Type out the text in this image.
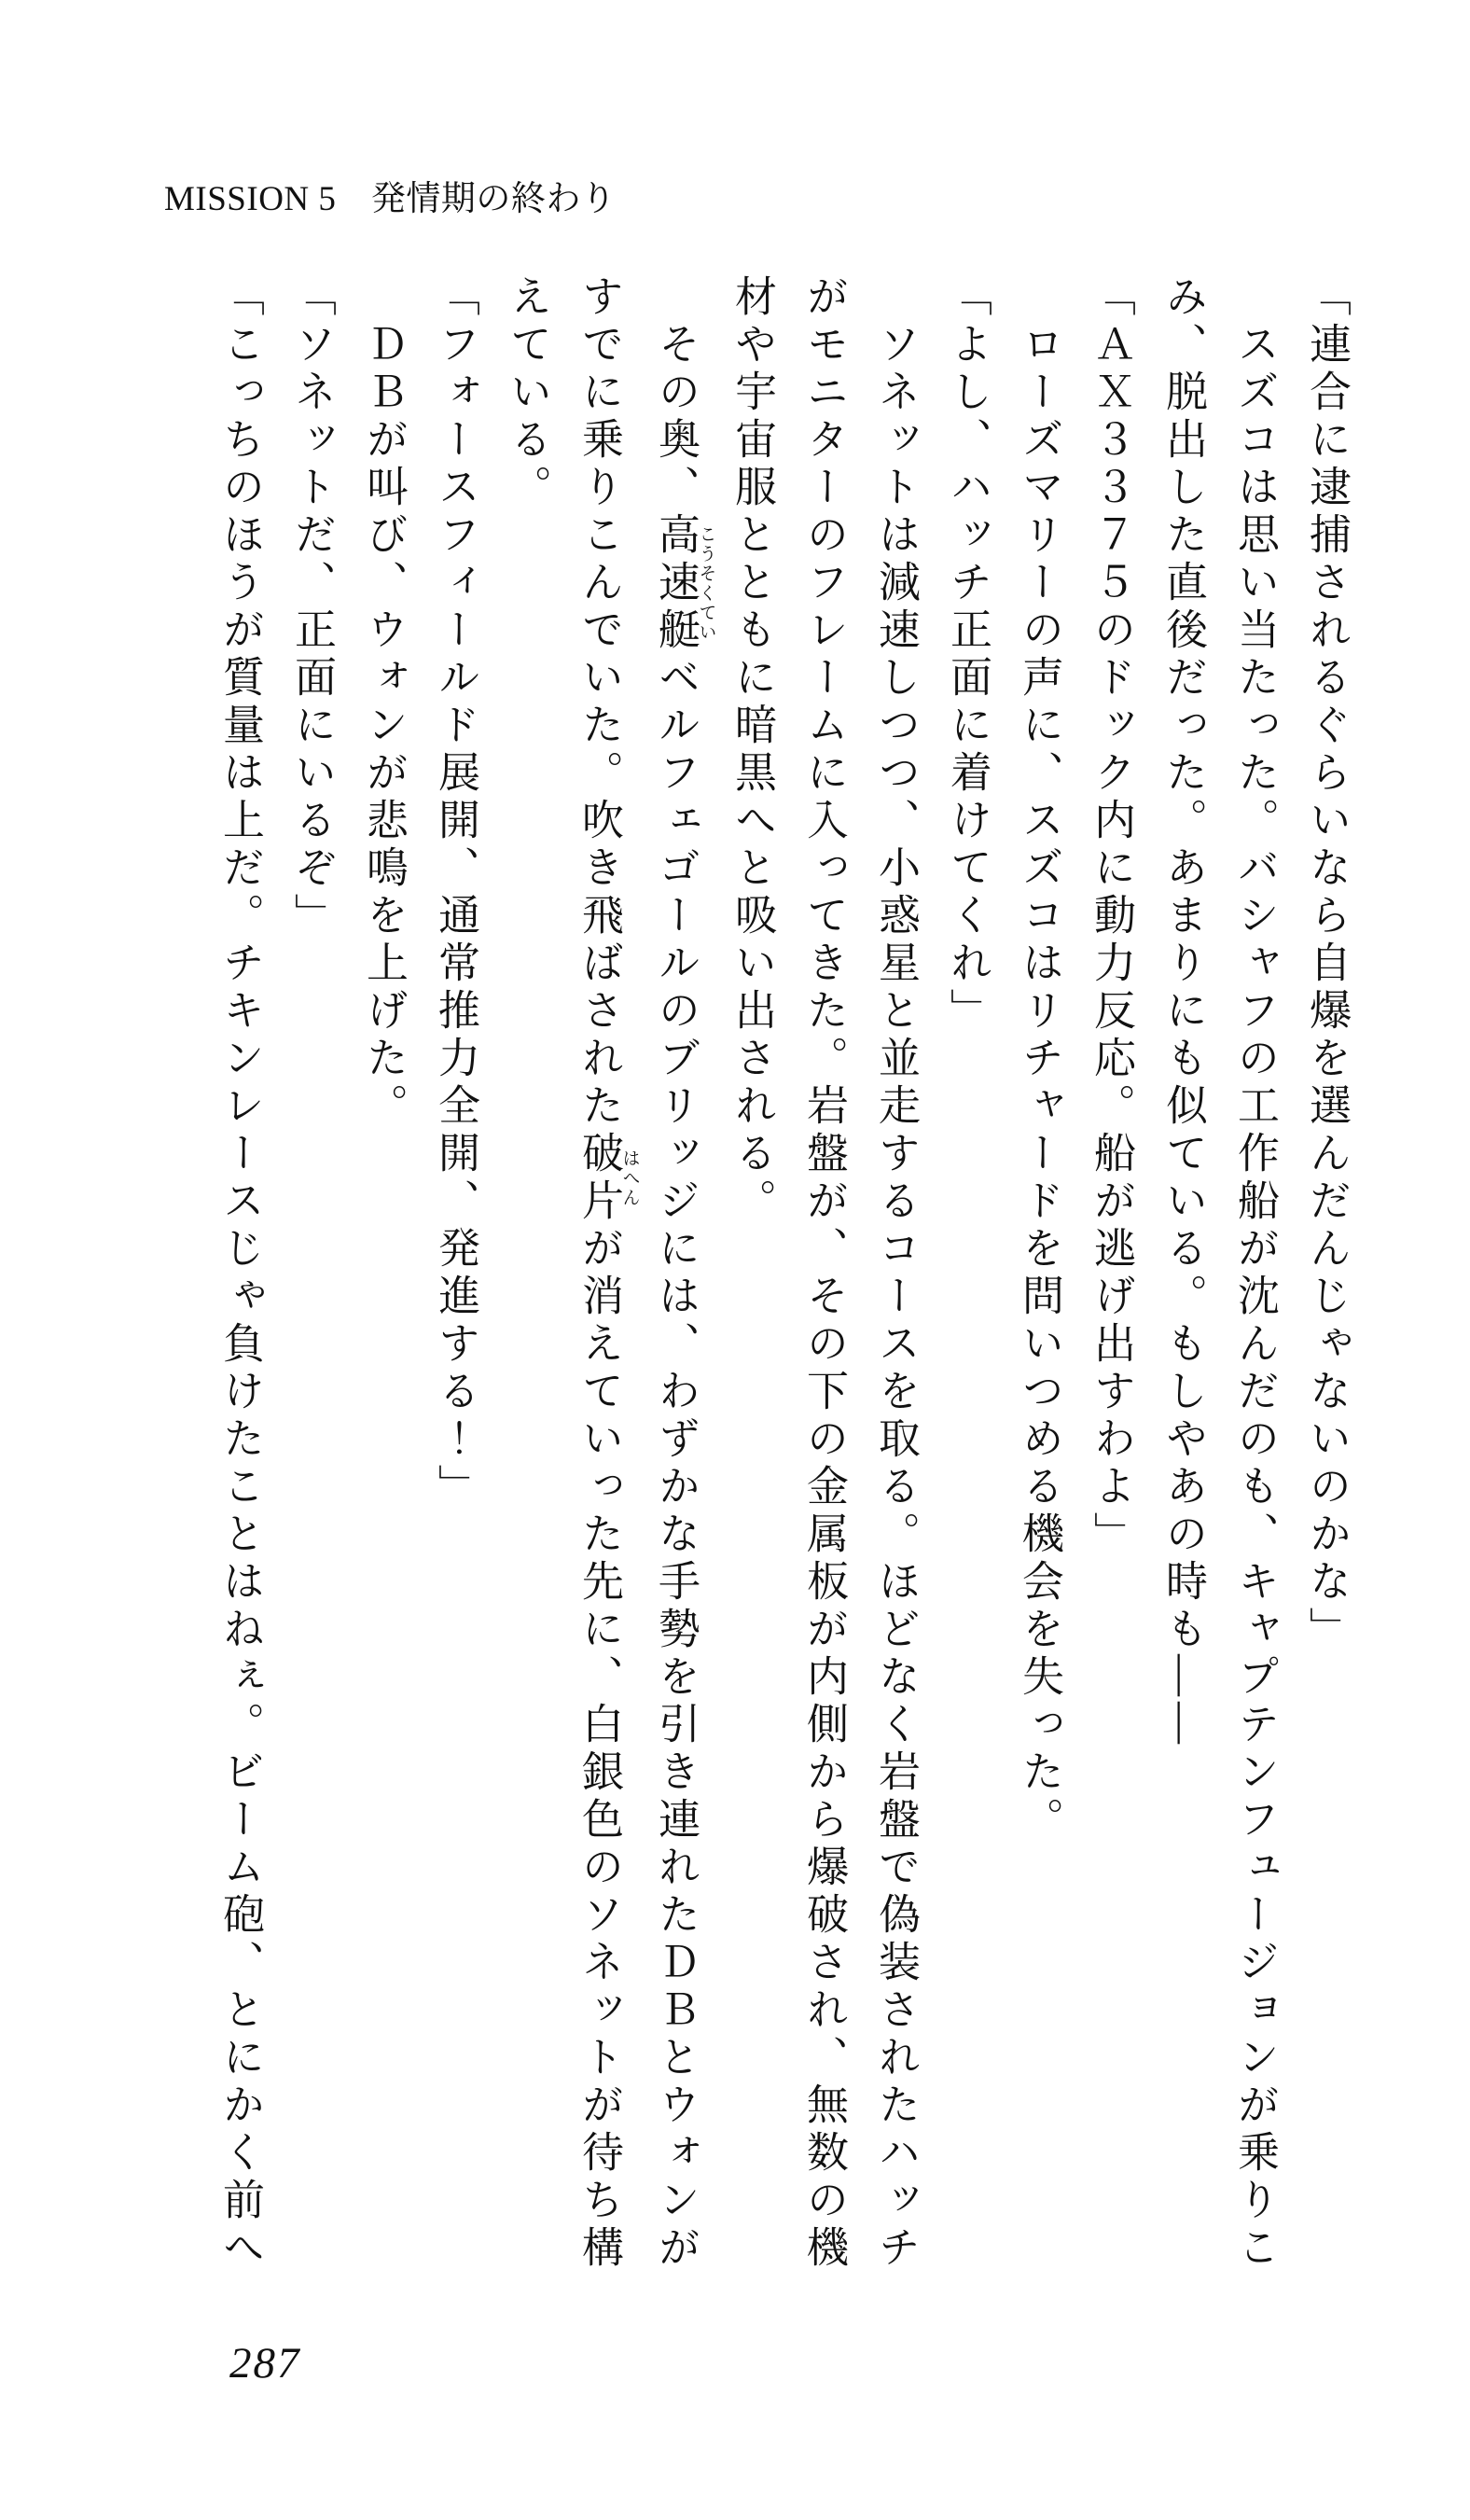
MISSION 5　発情期の終わり
「連合に逮捕されるぐらいなら自爆を選んだんじゃないのかな」
スズコは思い当たった。バシャフの工作船が沈んだのも、キャプテンフュージョンが乗りこ
み、脱出した直後だった。あまりにも似ている。もしやあの時も――
「ＡＸ３３７５のドック内に動力反応。船が逃げ出すわよ」
ローズマリーの声に、スズコはリチャードを問いつめる機会を失った。
「よし、ハッチ正面に着けてくれ」
ソネットは減速しつつ、小惑星と並走するコースを取る。ほどなく岩盤で偽装されたハッチ
がモニターのフレームに入ってきた。岩盤が、その下の金属板が内側から爆破され、無数の機
材や宇宙服とともに暗黒へと吸い出される。
その奥、高速艇こうそくていベルフェゴールのブリッジには、わずかな手勢を引き連れたＤＢとウォンが
すでに乗りこんでいた。吹き飛ばされた破片はへんが消えていった先に、白銀色のソネットが待ち構
えている。
「フォースフィールド展開、通常推力全開、発進する！」
ＤＢが叫び、ウォンが悲鳴を上げた。
「ソネットだ、正面にいるぞ」
「こっちのほうが質量は上だ。チキンレースじゃ負けたことはねぇ。ビーム砲、とにかく前へ
287
